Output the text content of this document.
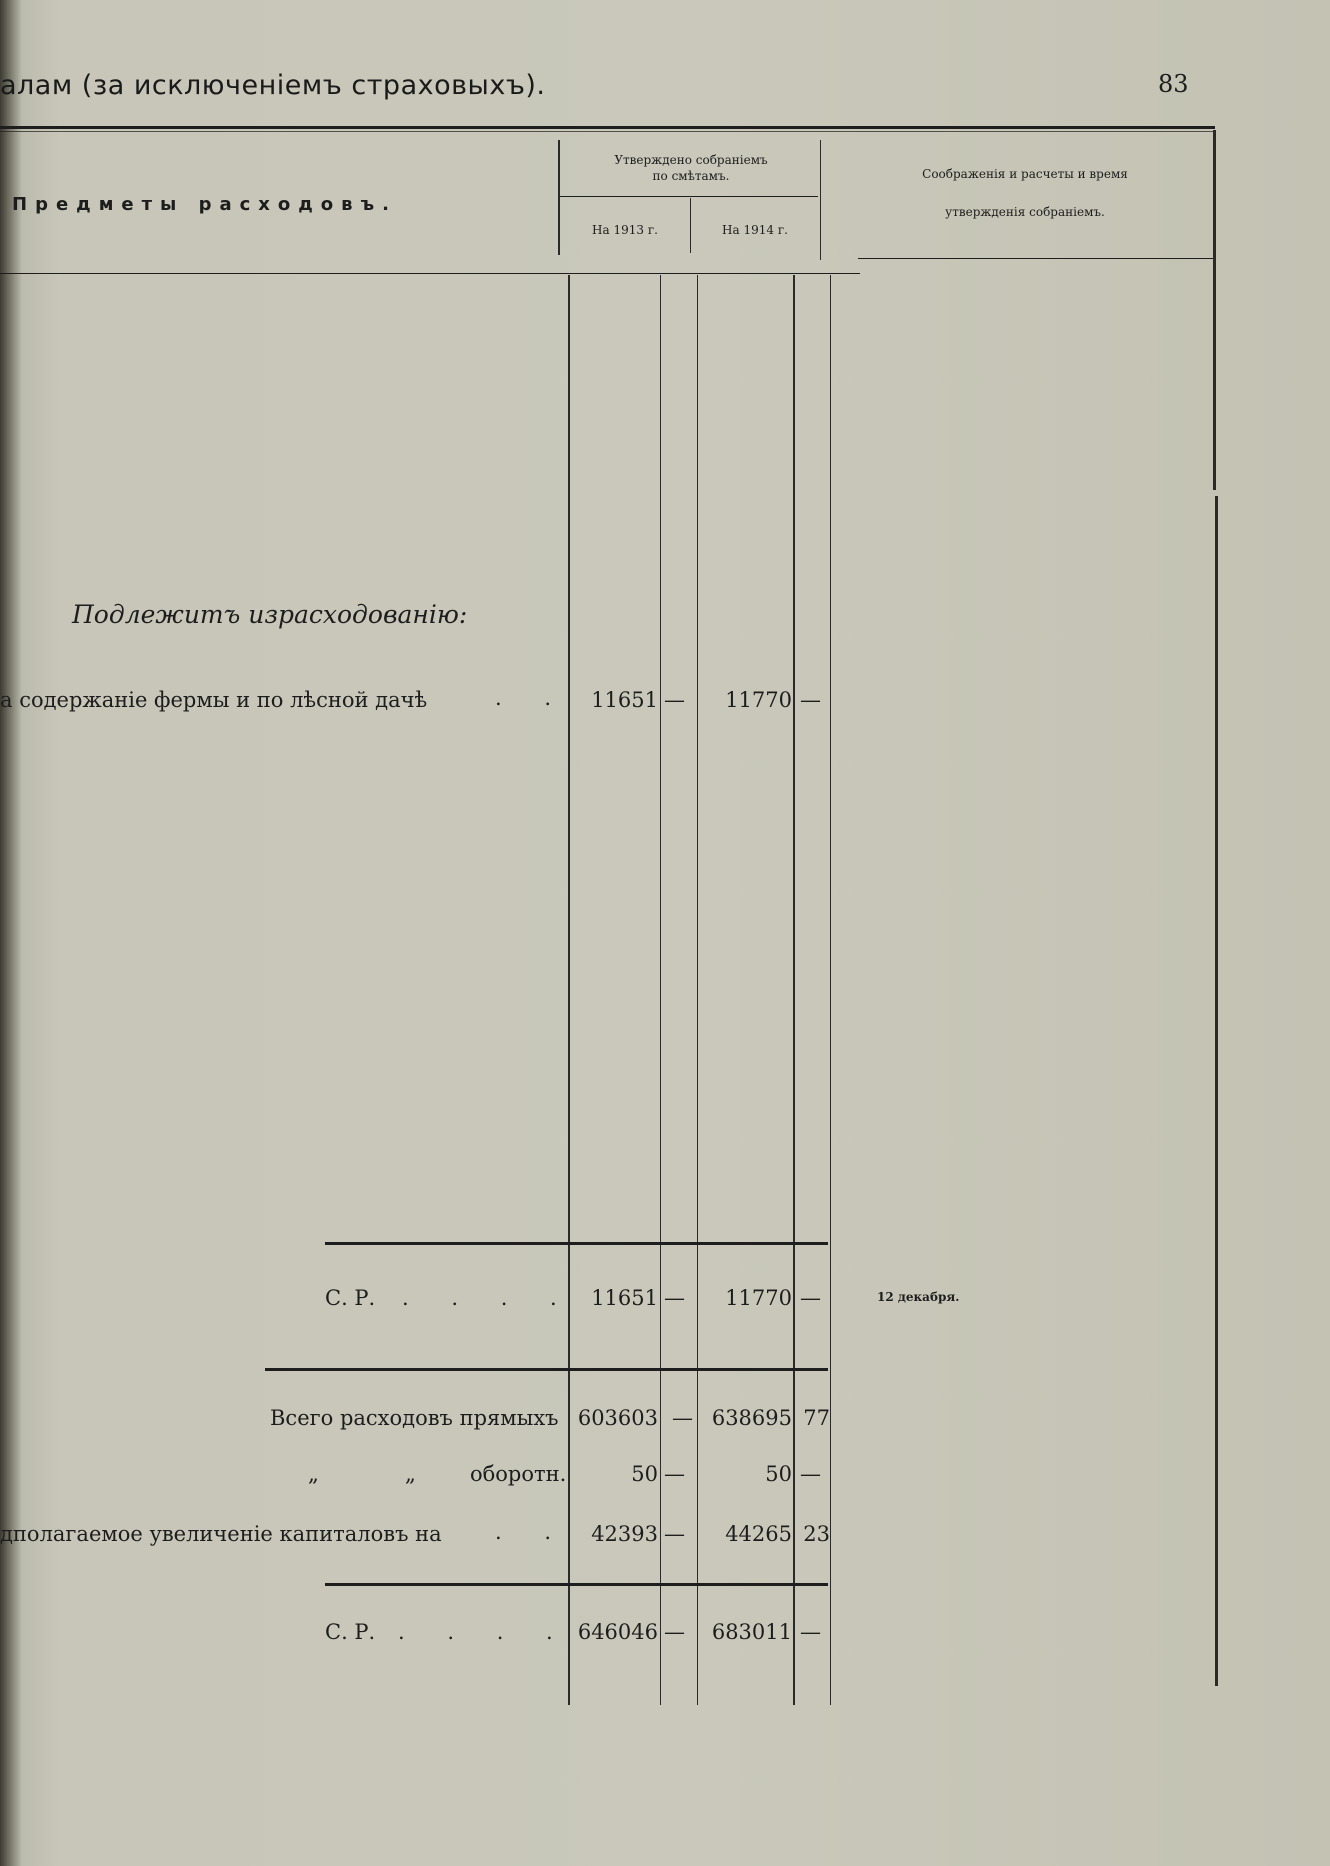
алам (за исключенiемъ страховыхъ).	83
Предметы расходовъ.
Утверждено собранiемъ
по смѣтамъ.
На 1913 г.	На 1914 г.
Соображенiя и расчеты и время
утвержденiя собранiемъ.
Подлежитъ израсходованiю:
а содержанiе фермы и по лѣсной дачѣ	. .	11651 —	11770 —
С. Р. . . . . 11651 —	11770 —	12 декабря.
Всего расходовъ прямыхъ 603603 — 638695 77
„	„	оборотн.	50 —	50 —
дполагаемое увеличенiе капиталовъ на	. .	42393 —	44265 23
С. Р. . . . . 646046 —	683011 —
